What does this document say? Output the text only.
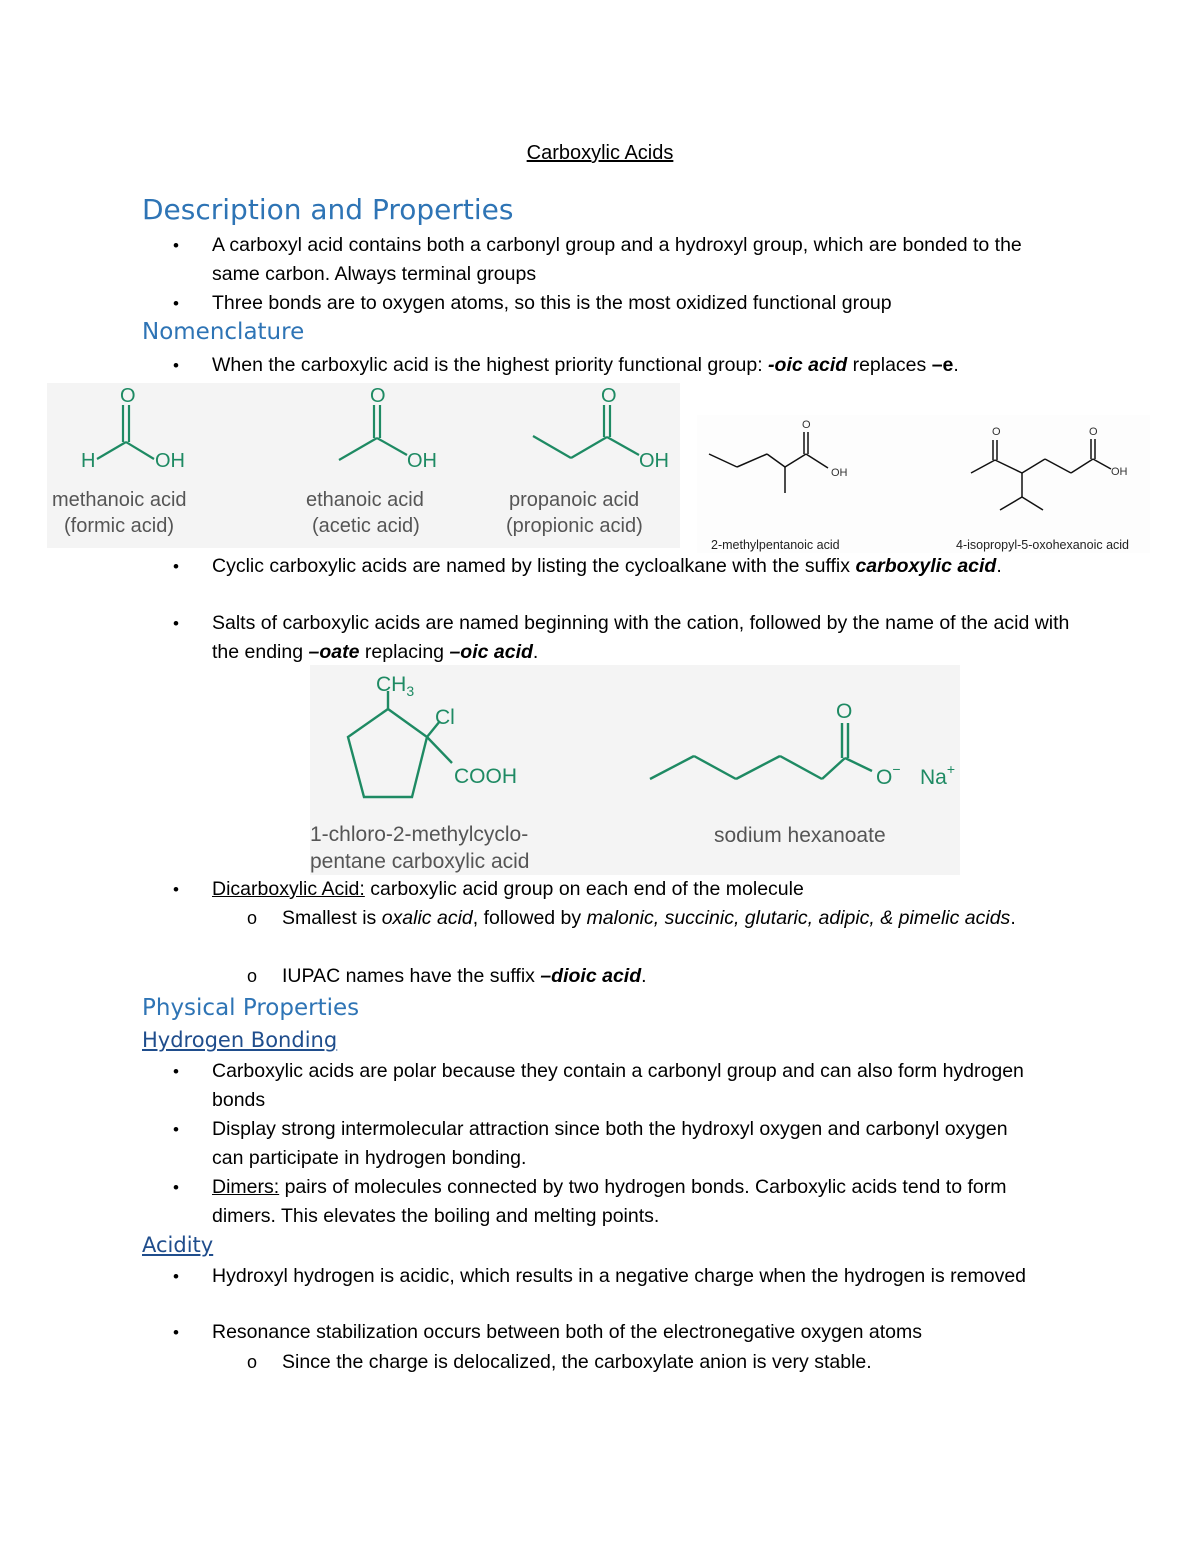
Carboxylic Acids
Description and Properties
• A carboxyl acid contains both a carbonyl group and a hydroxyl group, which are bonded to the same carbon. Always terminal groups
• Three bonds are to oxygen atoms, so this is the most oxidized functional group
Nomenclature
• When the carboxylic acid is the highest priority functional group: -oic acid replaces –e.
O
H	OH
O
OH
O
OH
methanoic acid
(formic acid)
ethanoic acid
(acetic acid)
propanoic acid
(propionic acid)
O
OH
O	O
OH
2-methylpentanoic acid	4-isopropyl-5-oxohexanoic acid
• Cyclic carboxylic acids are named by listing the cycloalkane with the suffix carboxylic acid.
• Salts of carboxylic acids are named beginning with the cation, followed by the name of the acid with the ending –oate replacing –oic acid.
$CH_3$
Cl
COOH
O
O− Na+
1-chloro-2-methylcyclo-
pentane carboxylic acid
sodium hexanoate
• Dicarboxylic Acid: carboxylic acid group on each end of the molecule
o Smallest is oxalic acid, followed by malonic, succinic, glutaric, adipic, & pimelic acids.
o IUPAC names have the suffix –dioic acid.
Physical Properties
Hydrogen Bonding
• Carboxylic acids are polar because they contain a carbonyl group and can also form hydrogen bonds
• Display strong intermolecular attraction since both the hydroxyl oxygen and carbonyl oxygen can participate in hydrogen bonding.
• Dimers: pairs of molecules connected by two hydrogen bonds. Carboxylic acids tend to form dimers. This elevates the boiling and melting points.
Acidity
• Hydroxyl hydrogen is acidic, which results in a negative charge when the hydrogen is removed
• Resonance stabilization occurs between both of the electronegative oxygen atoms
o Since the charge is delocalized, the carboxylate anion is very stable.
